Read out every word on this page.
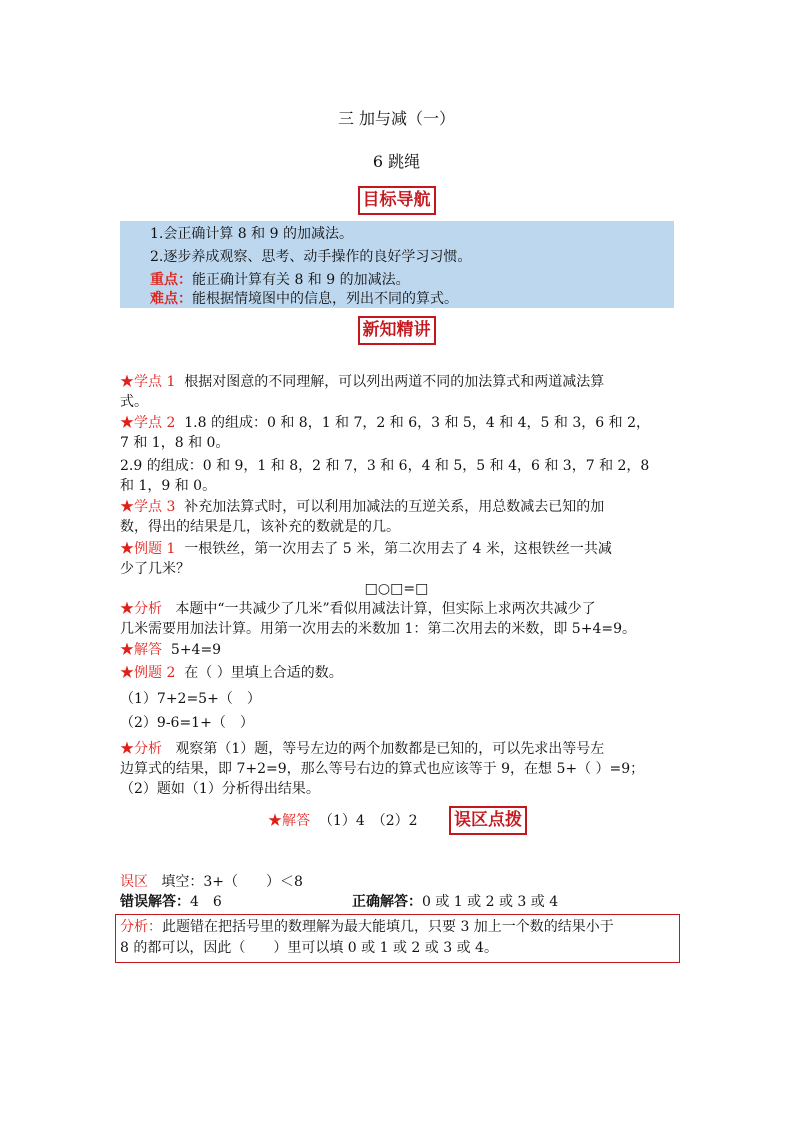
三 加与减（一）
6 跳绳
目标导航
1.会正确计算 8 和 9 的加减法。
2.逐步养成观察、思考、动手操作的良好学习习惯。
重点：能正确计算有关 8 和 9 的加减法。
难点：能根据情境图中的信息，列出不同的算式。
新知精讲
★学点 1 根据对图意的不同理解，可以列出两道不同的加法算式和两道减法算
式。
★学点 2 1.8 的组成：0 和 8，1 和 7，2 和 6，3 和 5，4 和 4，5 和 3，6 和 2，
7 和 1，8 和 0。
2.9 的组成：0 和 9，1 和 8，2 和 7，3 和 6，4 和 5，5 和 4，6 和 3，7 和 2，8
和 1，9 和 0。
★学点 3 补充加法算式时，可以利用加减法的互逆关系，用总数减去已知的加
数，得出的结果是几，该补充的数就是的几。
★例题 1 一根铁丝，第一次用去了 5 米，第二次用去了 4 米，这根铁丝一共减
少了几米？
□○□=□
★分析 本题中“一共减少了几米”看似用减法计算，但实际上求两次共减少了
几米需要用加法计算。用第一次用去的米数加 1：第二次用去的米数，即 5+4=9。
★解答 5+4=9
★例题 2 在（ ）里填上合适的数。
（1）7+2=5+（　）
（2）9-6=1+（　）
★分析 观察第（1）题，等号左边的两个加数都是已知的，可以先求出等号左
边算式的结果，即 7+2=9，那么等号右边的算式也应该等于 9，在想 5+（ ）=9；
（2）题如（1）分析得出结果。
★解答 （1）4　（2）2 误区点拨
误区 填空：3+（　　）＜8
错误解答：4　6	正确解答：0 或 1 或 2 或 3 或 4
分析：此题错在把括号里的数理解为最大能填几，只要 3 加上一个数的结果小于
8 的都可以，因此（　　）里可以填 0 或 1 或 2 或 3 或 4。
